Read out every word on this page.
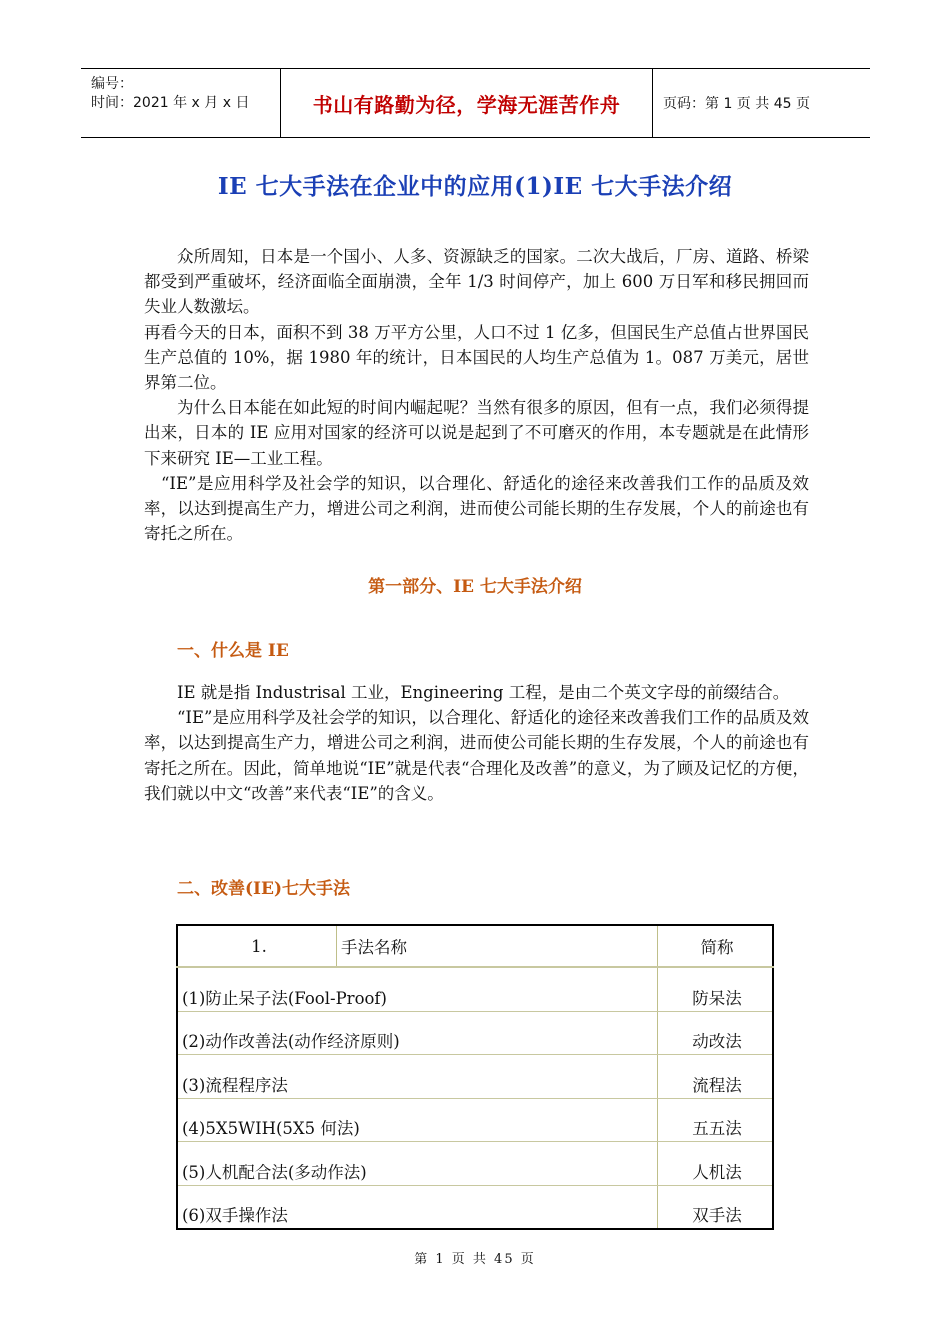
编号：
时间：2021 年 x 月 x 日	书山有路勤为径，学海无涯苦作舟	页码：第 1 页 共 45 页
IE 七大手法在企业中的应用(1)IE 七大手法介绍

众所周知，日本是一个国小、人多、资源缺乏的国家。二次大战后，厂房、道路、桥梁都受到严重破坏，经济面临全面崩溃，全年 1/3 时间停产，加上 600 万日军和移民拥回而失业人数激坛。

再看今天的日本，面积不到 38 万平方公里，人口不过 1 亿多，但国民生产总值占世界国民生产总值的 10%，据 1980 年的统计，日本国民的人均生产总值为 1。087 万美元，居世界第二位。

为什么日本能在如此短的时间内崛起呢？当然有很多的原因，但有一点，我们必须得提出来，日本的 IE 应用对国家的经济可以说是起到了不可磨灭的作用，本专题就是在此情形下来研究 IE—工业工程。

“IE”是应用科学及社会学的知识，以合理化、舒适化的途径来改善我们工作的品质及效率，以达到提高生产力，增进公司之利润，进而使公司能长期的生存发展，个人的前途也有寄托之所在。

第一部分、IE 七大手法介绍
一、什么是 IE

IE 就是指 Industrisal 工业，Engineering 工程，是由二个英文字母的前缀结合。

“IE”是应用科学及社会学的知识，以合理化、舒适化的途径来改善我们工作的品质及效率，以达到提高生产力，增进公司之利润，进而使公司能长期的生存发展，个人的前途也有寄托之所在。因此，简单地说“IE”就是代表“合理化及改善”的意义，为了顾及记忆的方便，我们就以中文“改善”来代表“IE”的含义。

二、改善(IE)七大手法
1.	手法名称	简称
(1)防止呆子法(Fool-Proof)		防呆法
(2)动作改善法(动作经济原则)		动改法
(3)流程程序法		流程法
(4)5X5WIH(5X5 何法)		五五法
(5)人机配合法(多动作法)		人机法
(6)双手操作法		双手法
第 1 页 共 45 页
